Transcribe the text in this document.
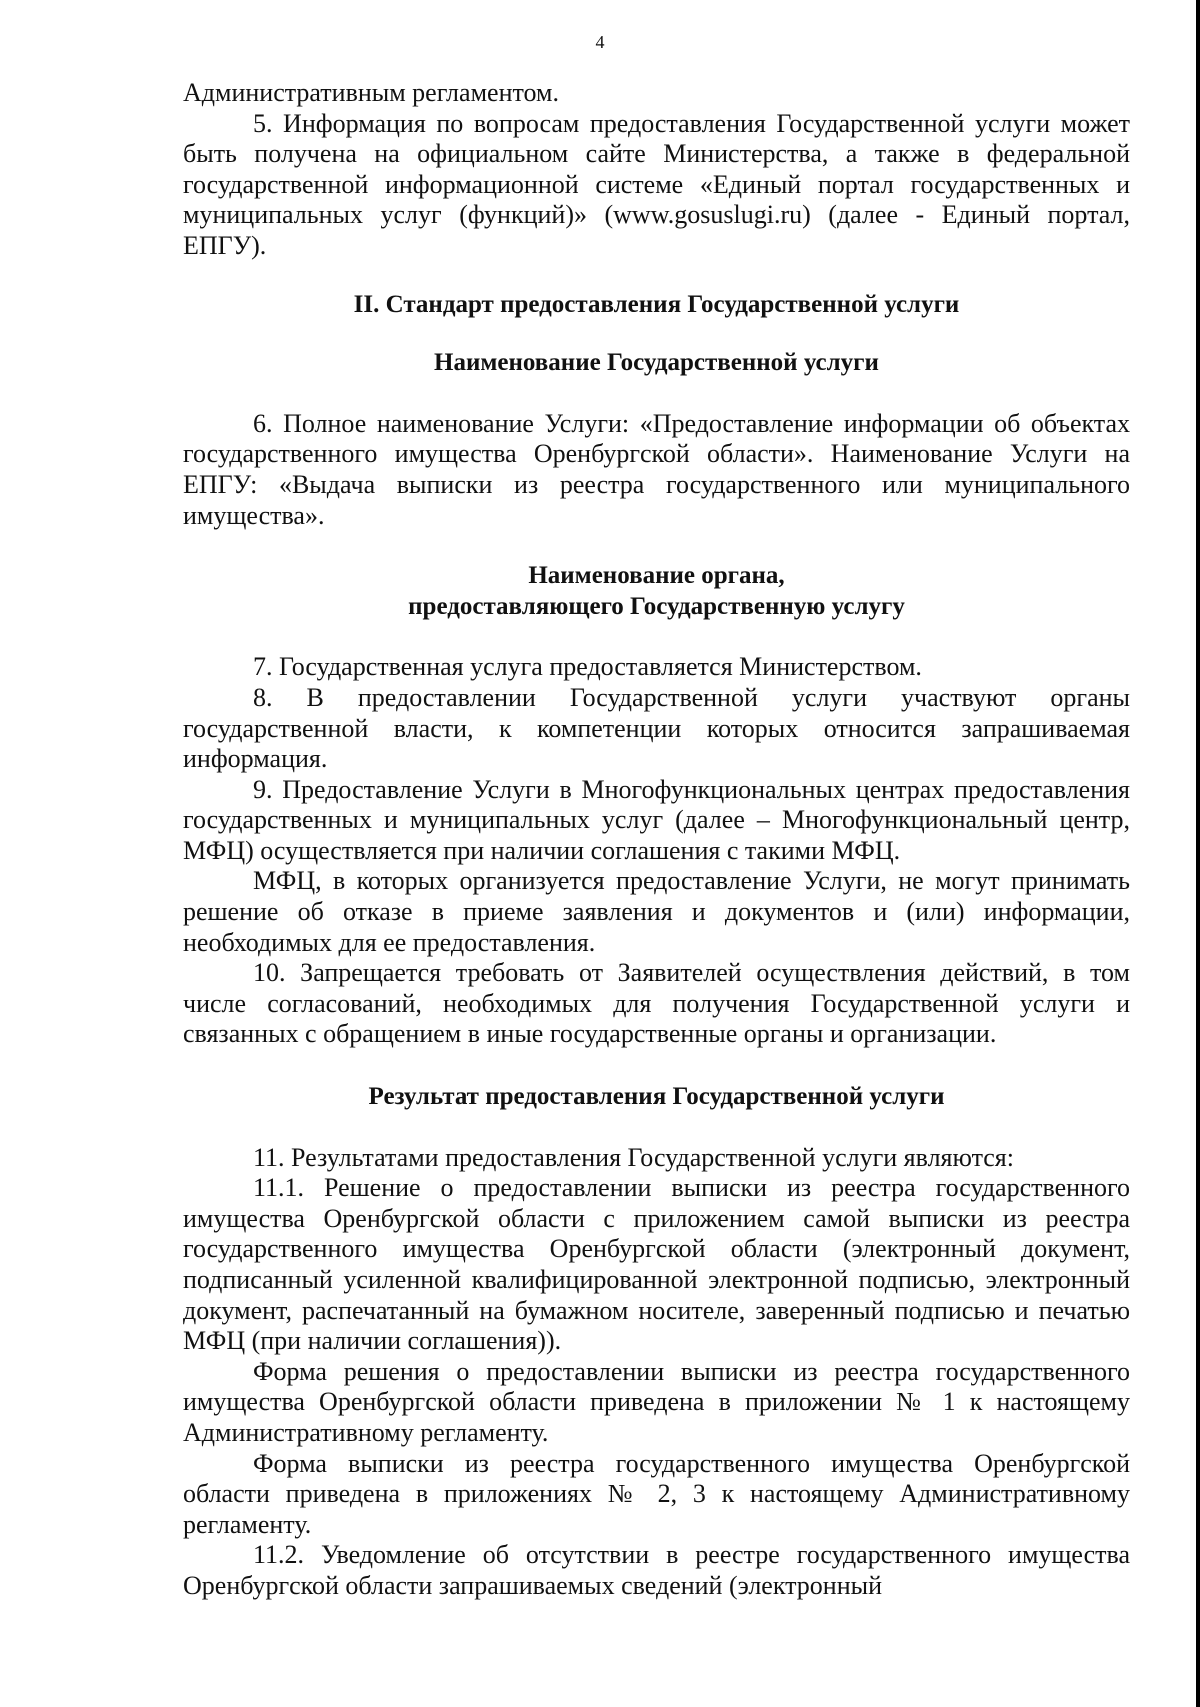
4

Административным регламентом.

5. Информация по вопросам предоставления Государственной услуги может быть получена на официальном сайте Министерства, а также в федеральной государственной информационной системе «Единый портал государственных и муниципальных услуг (функций)» (www.gosuslugi.ru) (далее - Единый портал, ЕПГУ).

II. Стандарт предоставления Государственной услуги
Наименование Государственной услуги

6. Полное наименование Услуги: «Предоставление информации об объектах государственного имущества Оренбургской области». Наименование Услуги на ЕПГУ: «Выдача выписки из реестра государственного или муниципального имущества».

Наименование органа,
предоставляющего Государственную услугу

7. Государственная услуга предоставляется Министерством.

8. В предоставлении Государственной услуги участвуют органы государственной власти, к компетенции которых относится запрашиваемая информация.

9. Предоставление Услуги в Многофункциональных центрах предоставления государственных и муниципальных услуг (далее – Многофункциональный центр, МФЦ) осуществляется при наличии соглашения с такими МФЦ.

МФЦ, в которых организуется предоставление Услуги, не могут принимать решение об отказе в приеме заявления и документов и (или) информации, необходимых для ее предоставления.

10. Запрещается требовать от Заявителей осуществления действий, в том числе согласований, необходимых для получения Государственной услуги и связанных с обращением в иные государственные органы и организации.

Результат предоставления Государственной услуги

11. Результатами предоставления Государственной услуги являются:

11.1. Решение о предоставлении выписки из реестра государственного имущества Оренбургской области с приложением самой выписки из реестра государственного имущества Оренбургской области (электронный документ, подписанный усиленной квалифицированной электронной подписью, электронный документ, распечатанный на бумажном носителе, заверенный подписью и печатью МФЦ (при наличии соглашения)).

Форма решения о предоставлении выписки из реестра государственного имущества Оренбургской области приведена в приложении № 1 к настоящему Административному регламенту.

Форма выписки из реестра государственного имущества Оренбургской области приведена в приложениях № 2, 3 к настоящему Административному регламенту.

11.2. Уведомление об отсутствии в реестре государственного имущества Оренбургской области запрашиваемых сведений (электронный
